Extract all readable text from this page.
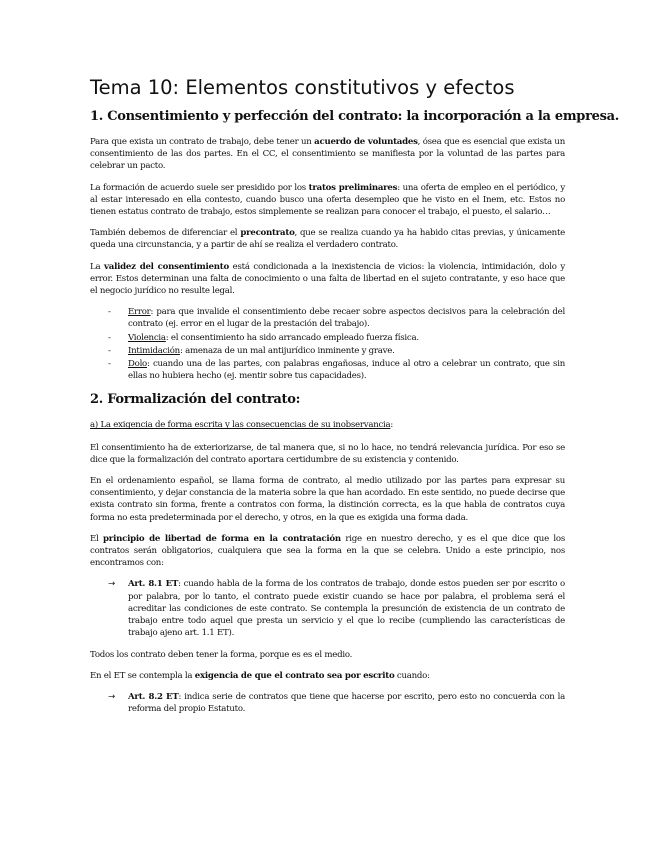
Tema 10: Elementos constitutivos y efectos
1. Consentimiento y perfección del contrato: la incorporación a la empresa.

Para que exista un contrato de trabajo, debe tener un acuerdo de voluntades, ósea que es esencial que exista un consentimiento de las dos partes. En el CC, el consentimiento se manifiesta por la voluntad de las partes para celebrar un pacto.

La formación de acuerdo suele ser presidido por los tratos preliminares: una oferta de empleo en el periódico, y al estar interesado en ella contesto, cuando busco una oferta desempleo que he visto en el Inem, etc. Estos no tienen estatus contrato de trabajo, estos simplemente se realizan para conocer el trabajo, el puesto, el salario…

También debemos de diferenciar el precontrato, que se realiza cuando ya ha habido citas previas, y únicamente queda una circunstancia, y a partir de ahí se realiza el verdadero contrato.

La validez del consentimiento está condicionada a la inexistencia de vicios: la violencia, intimidación, dolo y error. Estos determinan una falta de conocimiento o una falta de libertad en el sujeto contratante, y eso hace que el negocio jurídico no resulte legal.

- Error: para que invalide el consentimiento debe recaer sobre aspectos decisivos para la celebración del contrato (ej. error en el lugar de la prestación del trabajo).
- Violencia: el consentimiento ha sido arrancado empleado fuerza física.
- Intimidación: amenaza de un mal antijurídico inminente y grave.
- Dolo: cuando una de las partes, con palabras engañosas, induce al otro a celebrar un contrato, que sin ellas no hubiera hecho (ej. mentir sobre tus capacidades).
2. Formalización del contrato:

a) La exigencia de forma escrita y las consecuencias de su inobservancia:

El consentimiento ha de exteriorizarse, de tal manera que, si no lo hace, no tendrá relevancia jurídica. Por eso se dice que la formalización del contrato aportara certidumbre de su existencia y contenido.

En el ordenamiento español, se llama forma de contrato, al medio utilizado por las partes para expresar su consentimiento, y dejar constancia de la materia sobre la que han acordado. En este sentido, no puede decirse que exista contrato sin forma, frente a contratos con forma, la distinción correcta, es la que habla de contratos cuya forma no esta predeterminada por el derecho, y otros, en la que es exigida una forma dada.

El principio de libertad de forma en la contratación rige en nuestro derecho, y es el que dice que los contratos serán obligatorios, cualquiera que sea la forma en la que se celebra. Unido a este principio, nos encontramos con:

→ Art. 8.1 ET: cuando habla de la forma de los contratos de trabajo, donde estos pueden ser por escrito o por palabra, por lo tanto, el contrato puede existir cuando se hace por palabra, el problema será el acreditar las condiciones de este contrato. Se contempla la presunción de existencia de un contrato de trabajo entre todo aquel que presta un servicio y el que lo recibe (cumpliendo las características de trabajo ajeno art. 1.1 ET).

Todos los contrato deben tener la forma, porque es es el medio.

En el ET se contempla la exigencia de que el contrato sea por escrito cuando:

→ Art. 8.2 ET: indica serie de contratos que tiene que hacerse por escrito, pero esto no concuerda con la reforma del propio Estatuto.
